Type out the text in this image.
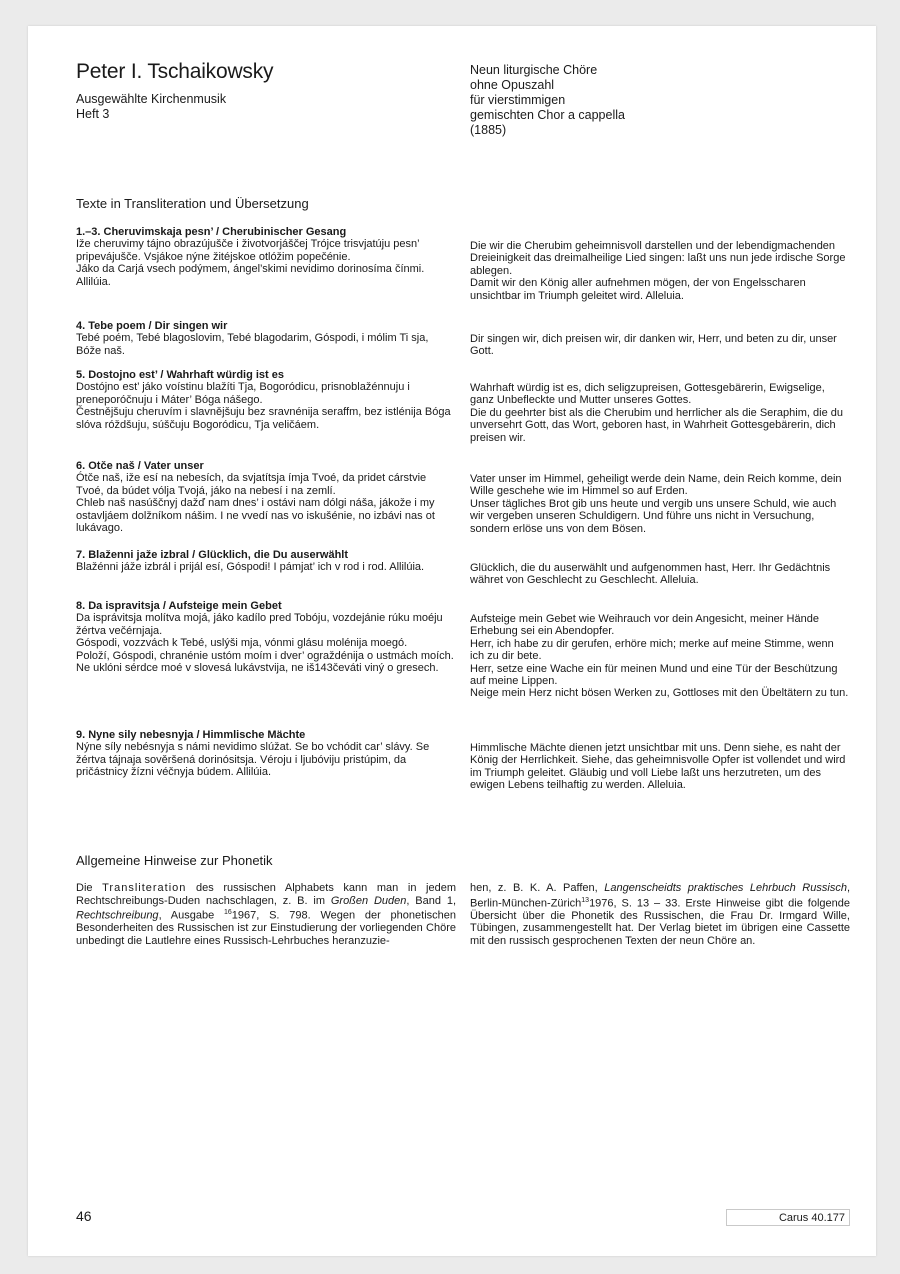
Peter I. Tschaikowsky
Ausgewählte Kirchenmusik
Heft 3
Neun liturgische Chöre
ohne Opuszahl
für vierstimmigen
gemischten Chor a cappella
(1885)
Texte in Transliteration und Übersetzung

1.–3. Cheruvimskaja pesn’ / Cherubinischer Gesang

Iže cheruvimy tájno obrazújušče i životvorjáščej Trójce trisvjatúju pesn’ pripevájušče. Vsjákoe nýne žitéjskoe otlóžim popečénie.

Jáko da Carjá vsech podýmem, ángel’skimi nevidimo dorinosíma čínmi. Allilúia.

Die wir die Cherubim geheimnisvoll darstellen und der lebendigmachenden Dreieinigkeit das dreimalheilige Lied singen: laßt uns nun jede irdische Sorge ablegen.

Damit wir den König aller aufnehmen mögen, der von Engelsscharen unsichtbar im Triumph geleitet wird. Alleluia.

4. Tebe poem / Dir singen wir

Tebé poém, Tebé blagoslovim, Tebé blagodarim, Góspodi, i mólim Ti sja, Bóže naš.

Dir singen wir, dich preisen wir, dir danken wir, Herr, und beten zu dir, unser Gott.

5. Dostojno est’ / Wahrhaft würdig ist es

Dostójno est’ jáko voístinu blažíti Tja, Bogoródicu, prisnoblažénnuju i preneporóčnuju i Máter’ Bóga nášego.

Čestnějšuju cheruvím i slavnějšuju bez sravnénija seraffm, bez istlénija Bóga slóva róždšuju, súščuju Bogoródicu, Tja veličáem.

Wahrhaft würdig ist es, dich seligzupreisen, Gottesgebärerin, Ewigselige, ganz Unbefleckte und Mutter unseres Gottes.

Die du geehrter bist als die Cherubim und herrlicher als die Seraphim, die du unversehrt Gott, das Wort, geboren hast, in Wahrheit Gottesgebärerin, dich preisen wir.

6. Otče naš / Vater unser

Ótče naš, iže esí na nebesích, da svjatítsja ímja Tvoé, da pridet cárstvie Tvoé, da búdet vólja Tvojá, jáko na nebesí i na zemlí.

Chleb naš nasúščnyj dažď nam dnes’ i ostávi nam dólgi náša, jákože i my ostavljáem dolžníkom nášim. I ne vvedí nas vo iskušénie, no izbávi nas ot lukávago.

Vater unser im Himmel, geheiligt werde dein Name, dein Reich komme, dein Wille geschehe wie im Himmel so auf Erden.

Unser tägliches Brot gib uns heute und vergib uns unsere Schuld, wie auch wir vergeben unseren Schuldigern. Und führe uns nicht in Versuchung, sondern erlöse uns von dem Bösen.

7. Blaženni jaže izbral / Glücklich, die Du auserwählt

Blažénni jáže izbrál i prijál esí, Góspodi! I pámjat’ ich v rod i rod. Allilúia.	Glücklich, die du auserwählt und aufgenommen hast, Herr. Ihr Gedächtnis währet von Geschlecht zu Geschlecht. Alleluia.

8. Da ispravitsja / Aufsteige mein Gebet

Da isprávitsja molítva mojá, jáko kadílo pred Tobóju, vozdejánie rúku moéju žértva večérnjaja.

Góspodi, vozzvách k Tebé, uslýši mja, vónmi glásu molénija moegó.

Položí, Góspodi, chranénie ustóm moím i dver’ ograždénija o ustmách moích.

Ne uklóni sérdce moé v slovesá lukávstvija, ne iš143čeváti viný o gresech.

Aufsteige mein Gebet wie Weihrauch vor dein Angesicht, meiner Hände Erhebung sei ein Abendopfer.

Herr, ich habe zu dir gerufen, erhöre mich; merke auf meine Stimme, wenn ich zu dir bete.

Herr, setze eine Wache ein für meinen Mund und eine Tür der Beschützung auf meine Lippen.

Neige mein Herz nicht bösen Werken zu, Gottloses mit den Übeltätern zu tun.

9. Nyne sily nebesnyja / Himmlische Mächte

Nýne síly nebésnyja s námi nevidimo slúžat. Se bo vchódit car’ slávy. Se žértva tájnaja sověršená dorinósitsja. Véroju i ljubóviju pristúpim, da pričástnicy žízni véčnyja búdem. Allilúia.

Himmlische Mächte dienen jetzt unsichtbar mit uns. Denn siehe, es naht der König der Herrlichkeit. Siehe, das geheimnisvolle Opfer ist vollendet und wird im Triumph geleitet. Gläubig und voll Liebe laßt uns herzutreten, um des ewigen Lebens teilhaftig zu werden. Alleluia.

Allgemeine Hinweise zur Phonetik
Die Transliteration des russischen Alphabets kann man in jedem Rechtschreibungs-Duden nachschlagen, z. B. im Großen Duden, Band 1, Rechtschreibung, Ausgabe $^{16}$1967, S. 798. Wegen der phonetischen Besonderheiten des Russischen ist zur Einstudierung der vorliegenden Chöre unbedingt die Lautlehre eines Russisch-Lehrbuches heranzuzie-
hen, z. B. K. A. Paffen, Langenscheidts praktisches Lehrbuch Russisch, Berlin-München-Zürich$^{13}$1976, S. 13 – 33. Erste Hinweise gibt die folgende Übersicht über die Phonetik des Russischen, die Frau Dr. Irmgard Wille, Tübingen, zusammengestellt hat. Der Verlag bietet im übrigen eine Cassette mit den russisch gesprochenen Texten der neun Chöre an.
46	Carus 40.177
